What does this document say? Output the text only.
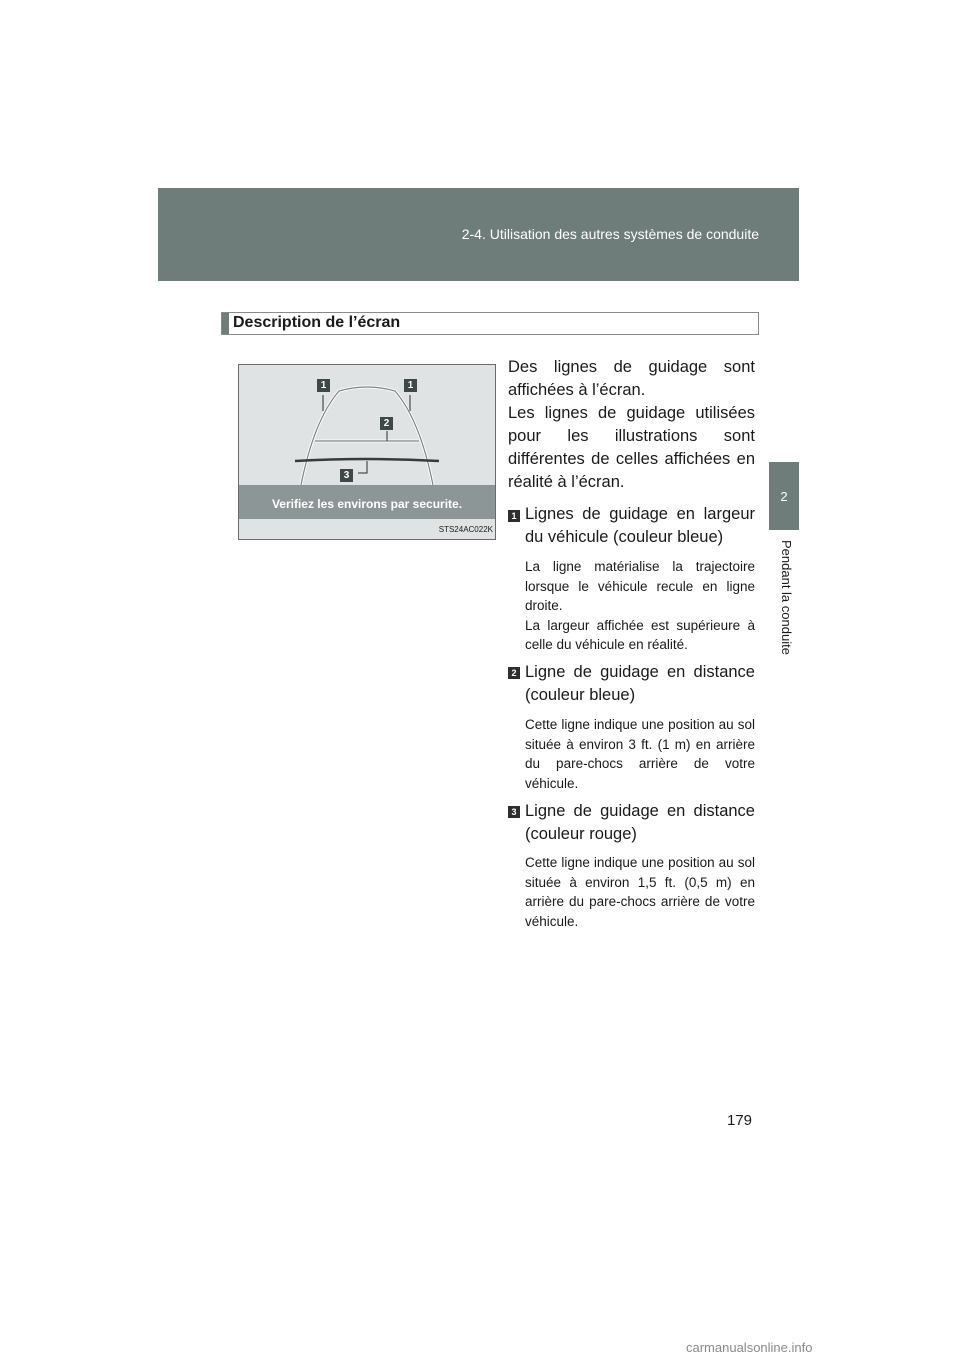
2-4. Utilisation des autres systèmes de conduite
2
Pendant la conduite
Description de l’écran
1	1
2
3
Verifiez les environs par securite.
STS24AC022K

Des lignes de guidage sont affichées à l’écran.

Les lignes de guidage utilisées pour les illustrations sont différentes de celles affichées en réalité à l’écran.

1 Lignes de guidage en largeur du véhicule (couleur bleue)

La ligne matérialise la trajectoire lorsque le véhicule recule en ligne droite.

La largeur affichée est supérieure à celle du véhicule en réalité.

2 Ligne de guidage en distance (couleur bleue)

Cette ligne indique une position au sol située à environ 3 ft. (1 m) en arrière du pare-chocs arrière de votre véhicule.

3 Ligne de guidage en distance (couleur rouge)

Cette ligne indique une position au sol située à environ 1,5 ft. (0,5 m) en arrière du pare-chocs arrière de votre véhicule.

179
carmanualsonline.info
